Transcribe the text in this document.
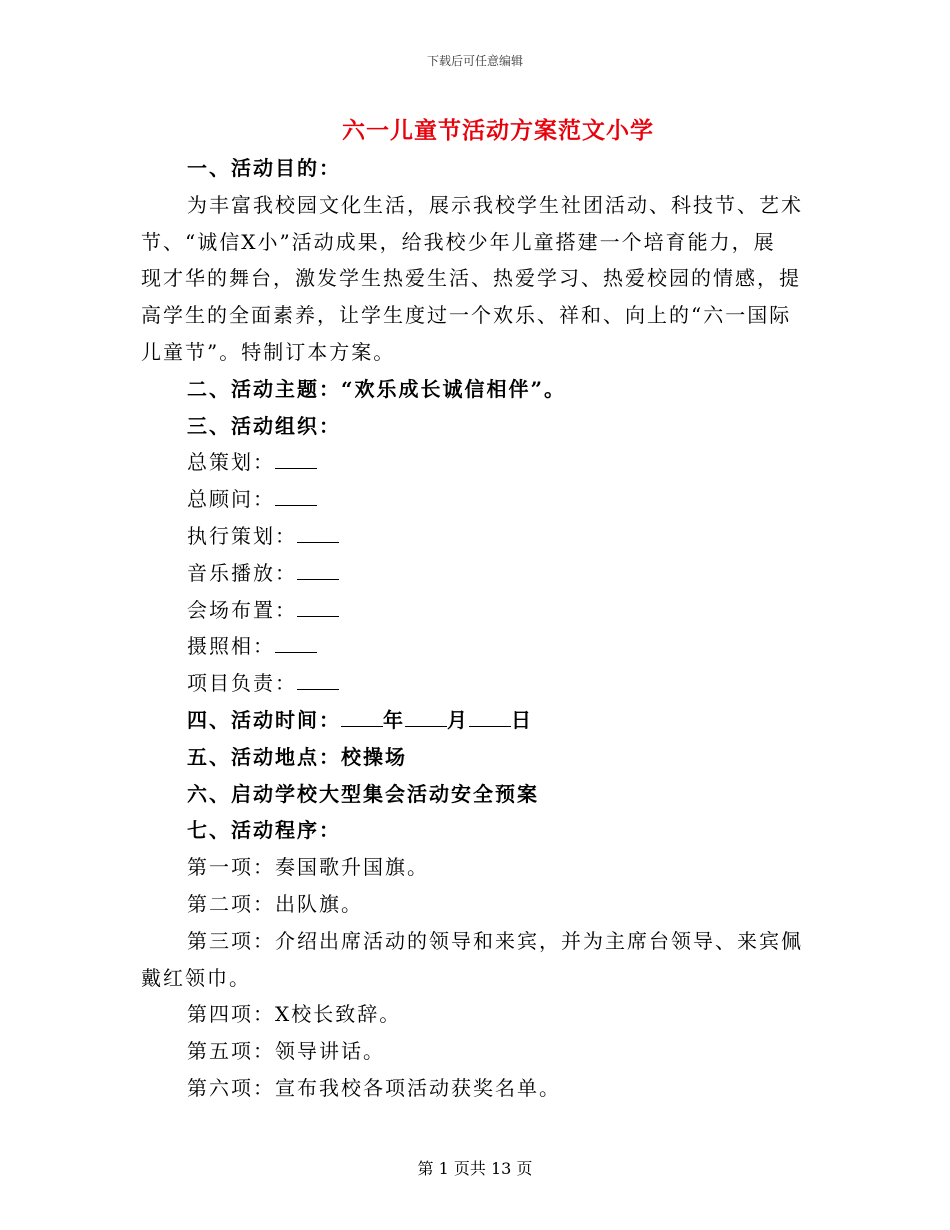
下载后可任意编辑
六一儿童节活动方案范文小学
一、活动目的：
为丰富我校园文化生活，展示我校学生社团活动、科技节、艺术
节、“诚信X小”活动成果，给我校少年儿童搭建一个培育能力，展
现才华的舞台，激发学生热爱生活、热爱学习、热爱校园的情感，提
高学生的全面素养，让学生度过一个欢乐、祥和、向上的“六一国际
儿童节”。特制订本方案。
二、活动主题：“欢乐成长诚信相伴”。
三、活动组织：
总策划：
总顾问：
执行策划：
音乐播放：
会场布置：
摄照相：
项目负责：
四、活动时间： 年 月 日
五、活动地点：校操场
六、启动学校大型集会活动安全预案
七、活动程序：
第一项：奏国歌升国旗。
第二项：出队旗。
第三项：介绍出席活动的领导和来宾，并为主席台领导、来宾佩
戴红领巾。
第四项：X校长致辞。
第五项：领导讲话。
第六项：宣布我校各项活动获奖名单。
第 1 页共 13 页
